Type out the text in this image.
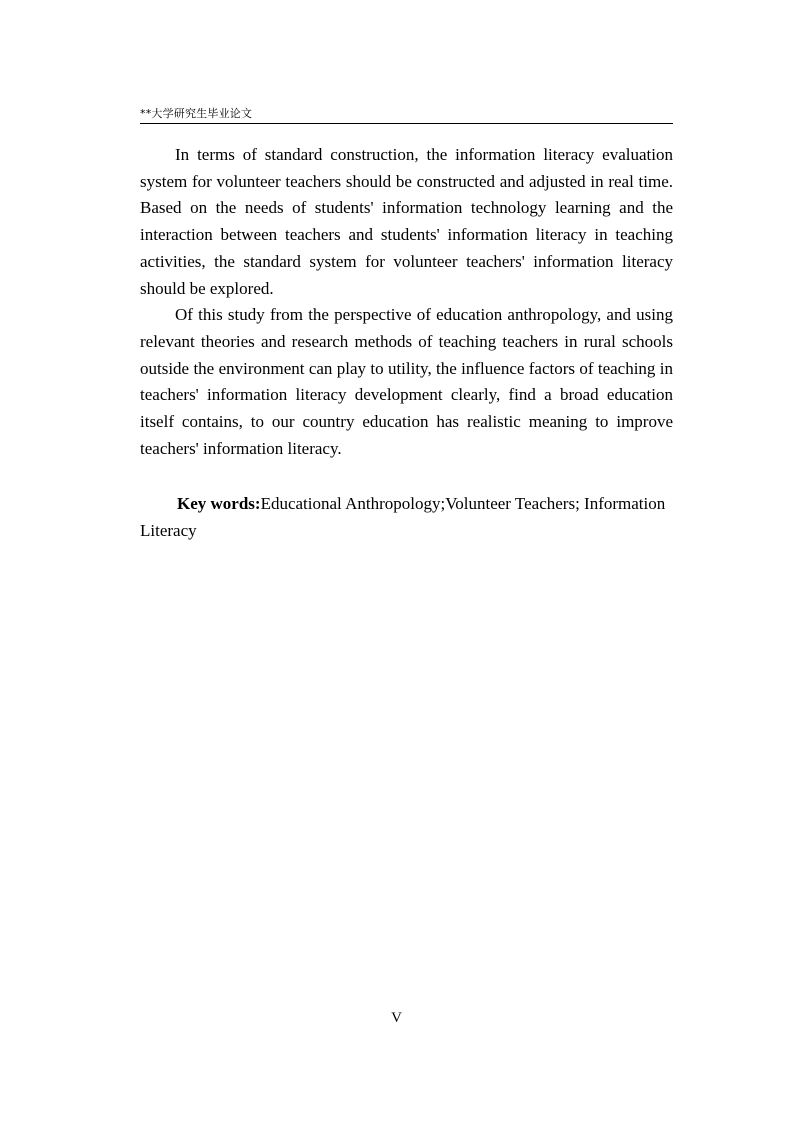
**大学研究生毕业论文

In terms of standard construction, the information literacy evaluation system for volunteer teachers should be constructed and adjusted in real time. Based on the needs of students' information technology learning and the interaction between teachers and students' information literacy in teaching activities, the standard system for volunteer teachers' information literacy should be explored.

Of this study from the perspective of education anthropology, and using relevant theories and research methods of teaching teachers in rural schools outside the environment can play to utility, the influence factors of teaching in teachers' information literacy development clearly, find a broad education itself contains, to our country education has realistic meaning to improve teachers' information literacy.

Key words:Educational Anthropology;Volunteer Teachers; Information Literacy
V
